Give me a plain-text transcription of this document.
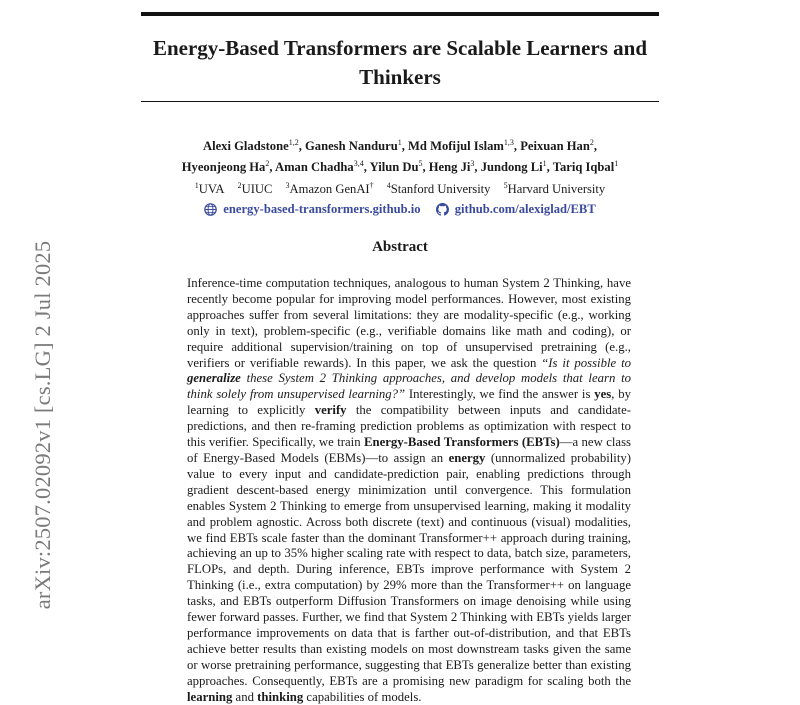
Energy-Based Transformers are Scalable Learners and Thinkers
arXiv:2507.02092v1 [cs.LG] 2 Jul 2025
Alexi Gladstone$^{1,2}$, Ganesh Nanduru$^1$, Md Mofijul Islam$^{1,3}$, Peixuan Han$^2$, Hyeonjeong Ha$^2$, Aman Chadha$^{3,4}$, Yilun Du$^5$, Heng Ji$^3$, Jundong Li$^1$, Tariq Iqbal$^1$
$^1$UVA $^2$UIUC $^3$Amazon GenAI† $^4$Stanford University $^5$Harvard University
energy-based-transformers.github.io
	github.com/alexiglad/EBT
Abstract
Inference-time computation techniques, analogous to human System 2 Thinking, have recently become popular for improving model performances. However, most existing approaches suffer from several limitations: they are modality-specific (e.g., working only in text), problem-specific (e.g., verifiable domains like math and coding), or require additional supervision/training on top of unsupervised pretraining (e.g., verifiers or verifiable rewards). In this paper, we ask the question “Is it possible to generalize these System 2 Thinking approaches, and develop models that learn to think solely from unsupervised learning?” Interestingly, we find the answer is yes, by learning to explicitly verify the compatibility between inputs and candidate-predictions, and then re-framing prediction problems as optimization with respect to this verifier. Specifically, we train Energy-Based Transformers (EBTs)—a new class of Energy-Based Models (EBMs)—to assign an energy (unnormalized probability) value to every input and candidate-prediction pair, enabling predictions through gradient descent-based energy minimization until convergence. This formulation enables System 2 Thinking to emerge from unsupervised learning, making it modality and problem agnostic. Across both discrete (text) and continuous (visual) modalities, we find EBTs scale faster than the dominant Transformer++ approach during training, achieving an up to 35% higher scaling rate with respect to data, batch size, parameters, FLOPs, and depth. During inference, EBTs improve performance with System 2 Thinking (i.e., extra computation) by 29% more than the Transformer++ on language tasks, and EBTs outperform Diffusion Transformers on image denoising while using fewer forward passes. Further, we find that System 2 Thinking with EBTs yields larger performance improvements on data that is farther out-of-distribution, and that EBTs achieve better results than existing models on most downstream tasks given the same or worse pretraining performance, suggesting that EBTs generalize better than existing approaches. Consequently, EBTs are a promising new paradigm for scaling both the learning and thinking capabilities of models.
